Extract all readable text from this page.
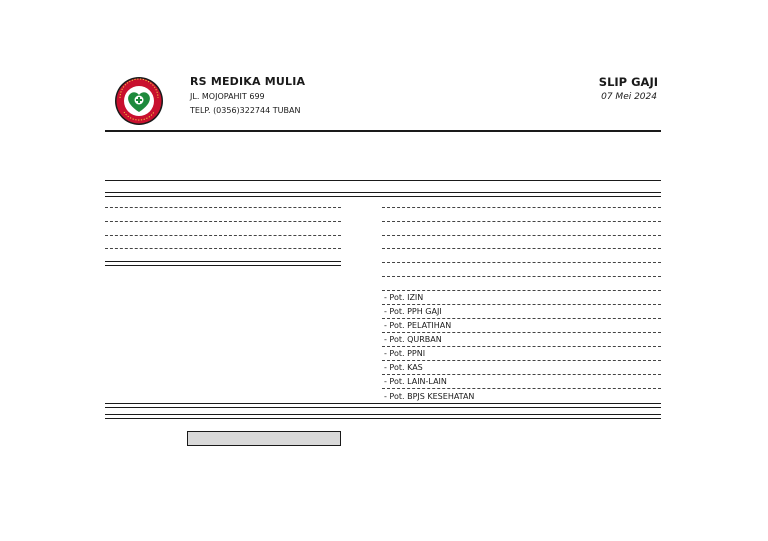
RS MEDIKA MULIA
JL. MOJOPAHIT 699
TELP. (0356)322744 TUBAN
SLIP GAJI
07 Mei 2024
- Pot. IZIN
- Pot. PPH GAJI
- Pot. PELATIHAN
- Pot. QURBAN
- Pot. PPNI
- Pot. KAS
- Pot. LAIN-LAIN
- Pot. BPJS KESEHATAN
